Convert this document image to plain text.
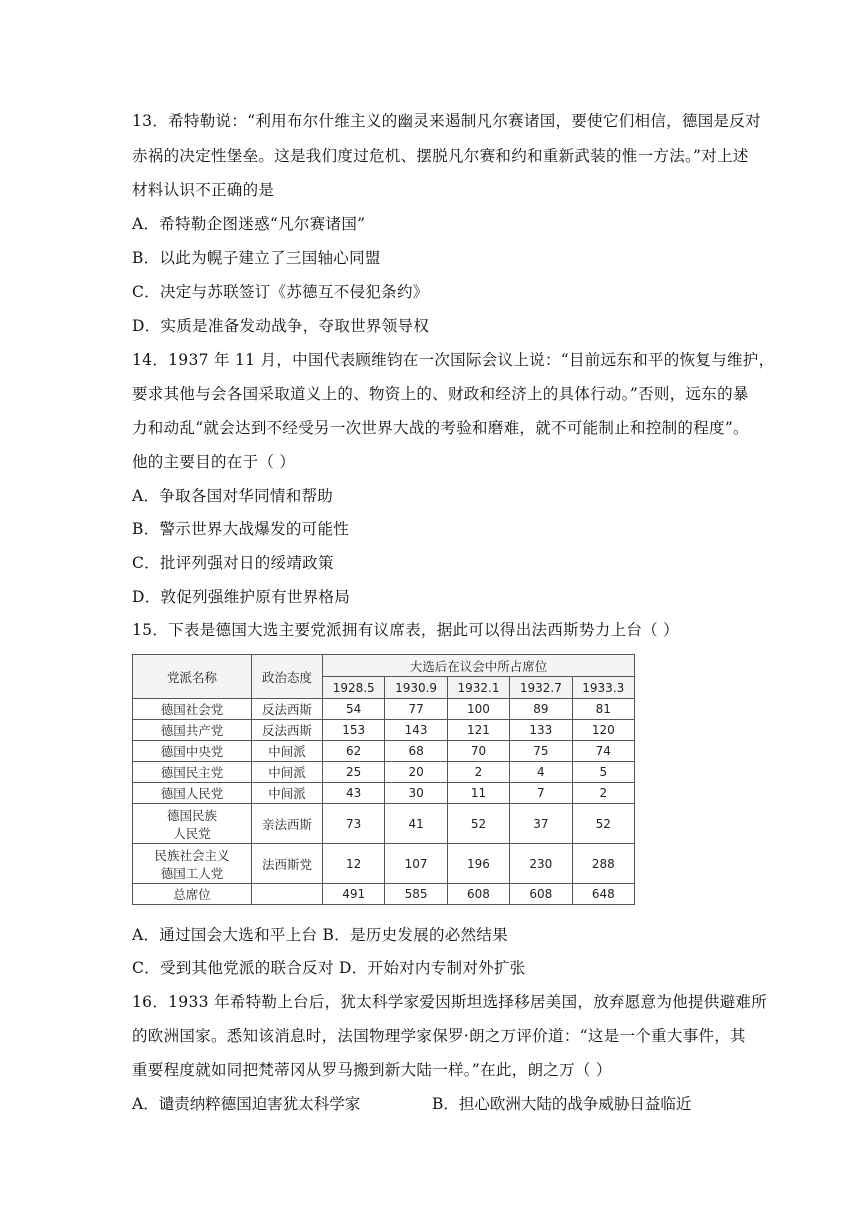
13．希特勒说：“利用布尔什维主义的幽灵来遏制凡尔赛诸国，要使它们相信，德国是反对
赤祸的决定性堡垒。这是我们度过危机、摆脱凡尔赛和约和重新武装的惟一方法。”对上述
材料认识不正确的是
A．希特勒企图迷惑“凡尔赛诸国”
B．以此为幌子建立了三国轴心同盟
C．决定与苏联签订《苏德互不侵犯条约》
D．实质是准备发动战争，夺取世界领导权
14．1937 年 11 月，中国代表顾维钧在一次国际会议上说：“目前远东和平的恢复与维护，
要求其他与会各国采取道义上的、物资上的、财政和经济上的具体行动。”否则，远东的暴
力和动乱“就会达到不经受另一次世界大战的考验和磨难，就不可能制止和控制的程度”。
他的主要目的在于（ ）
A．争取各国对华同情和帮助
B．警示世界大战爆发的可能性
C．批评列强对日的绥靖政策
D．敦促列强维护原有世界格局
15．下表是德国大选主要党派拥有议席表，据此可以得出法西斯势力上台（ ）
党派名称	政治态度	大选后在议会中所占席位				
		1928.5	1930.9	1932.1	1932.7	1933.3

德国社会党	反法西斯	54	77	100	89	81

德国共产党	反法西斯	153	143	121	133	120

德国中央党	中间派	62	68	70	75	74

德国民主党	中间派	25	20	2	4	5

德国人民党	中间派	43	30	11	7	2

德国民族
人民党	亲法西斯	73	41	52	37	52

民族社会主义
德国工人党	法西斯党	12	107	196	230	288

总席位		491	585	608	608	648
A．通过国会大选和平上台 B．是历史发展的必然结果
C．受到其他党派的联合反对 D．开始对内专制对外扩张
16．1933 年希特勒上台后，犹太科学家爱因斯坦选择移居美国，放弃愿意为他提供避难所
的欧洲国家。悉知该消息时，法国物理学家保罗·朗之万评价道：“这是一个重大事件，其
重要程度就如同把梵蒂冈从罗马搬到新大陆一样。”在此，朗之万（ ）
A．谴责纳粹德国迫害犹太科学家	B．担心欧洲大陆的战争威胁日益临近
